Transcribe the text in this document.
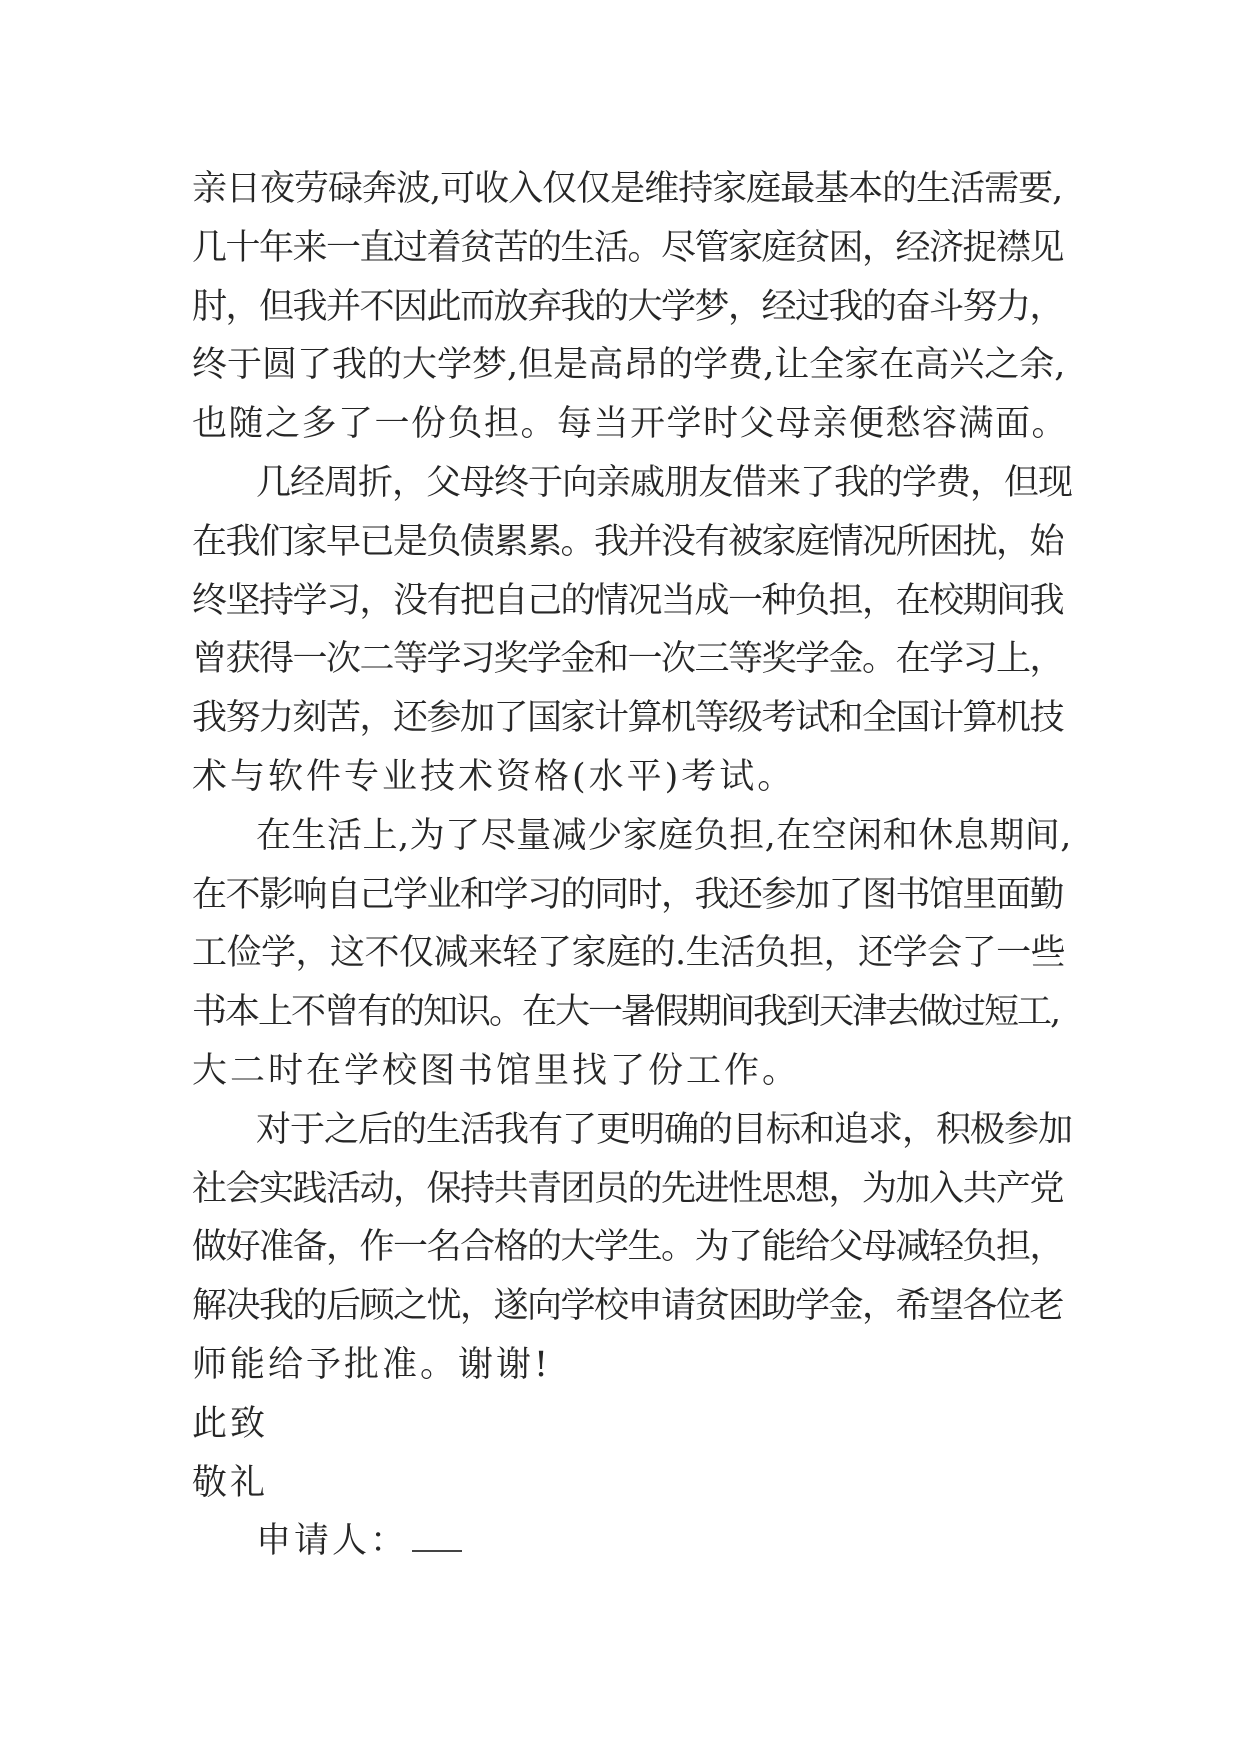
亲日夜劳碌奔波,可收入仅仅是维持家庭最基本的生活需要,
几十年来一直过着贫苦的生活。尽管家庭贫困，经济捉襟见
肘，但我并不因此而放弃我的大学梦，经过我的奋斗努力，
终于圆了我的大学梦,但是高昂的学费,让全家在高兴之余,
也随之多了一份负担。每当开学时父母亲便愁容满面。
几经周折，父母终于向亲戚朋友借来了我的学费，但现
在我们家早已是负债累累。我并没有被家庭情况所困扰，始
终坚持学习，没有把自己的情况当成一种负担，在校期间我
曾获得一次二等学习奖学金和一次三等奖学金。在学习上，
我努力刻苦，还参加了国家计算机等级考试和全国计算机技
术与软件专业技术资格(水平)考试。
在生活上,为了尽量减少家庭负担,在空闲和休息期间,
在不影响自己学业和学习的同时，我还参加了图书馆里面勤
工俭学，这不仅减来轻了家庭的.生活负担，还学会了一些
书本上不曾有的知识。在大一暑假期间我到天津去做过短工,
大二时在学校图书馆里找了份工作。
对于之后的生活我有了更明确的目标和追求，积极参加
社会实践活动，保持共青团员的先进性思想，为加入共产党
做好准备，作一名合格的大学生。为了能给父母减轻负担，
解决我的后顾之忧，遂向学校申请贫困助学金，希望各位老
师能给予批准。谢谢!
此致
敬礼
申请人：
